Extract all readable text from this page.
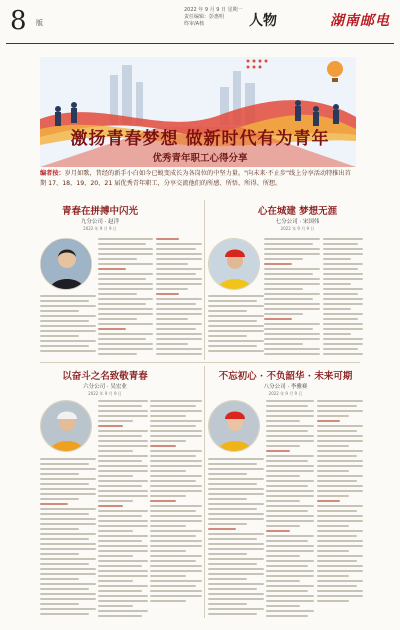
8 版
2022 年 9 月 9 日 星期一
责任编辑：彭惠明
终审/A核	人物	湖南邮电
激扬青春梦想 做新时代有为青年
优秀青年职工心得分享
编者按：岁月如歌，昔经的新手小白如今已蜕变成长为各岗位的中坚力量。"向未来·不止步"线上分享活动特推出首期 17、18、19、20、21 届优秀青年职工，分享交流他们的所感、所悟、所得、所想。
青春在拼搏中闪光
九分公司 · 赵洋
2022 年 9 月 9 日
心在城建 梦想无涯
七分公司 · 宋国伟
2022 年 9 月 9 日
以奋斗之名致敬青春
六分公司 · 吴宏业
2022 年 9 月 9 日
不忘初心 · 不负韶华 · 未来可期
八分公司 · 李雅赛
2022 年 9 月 9 日
